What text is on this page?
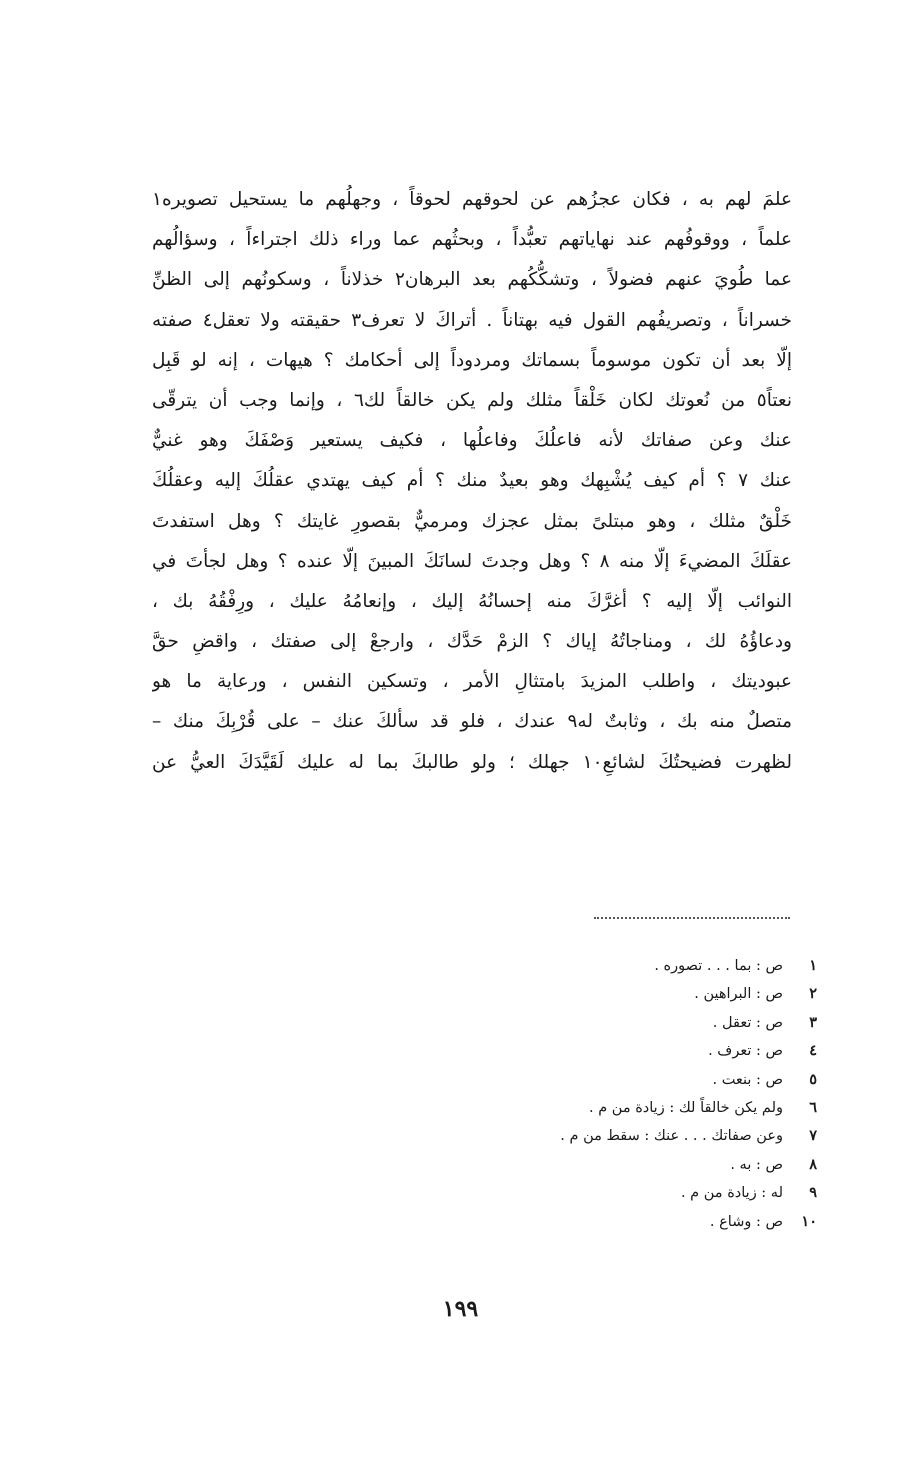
علمَ لهم به ، فكان عجزُهم عن لحوقهم لحوقاً ، وجهلُهم ما يستحيل تصويره١
علماً ، ووقوفُهم عند نهاياتهم تعبُّداً ، وبحثُهم عما وراء ذلك اجتراءاً ، وسؤالُهم
عما طُويَ عنهم فضولاً ، وتشكُّكُهم بعد البرهان٢ خذلاناً ، وسكونُهم إلى الظنِّ
خسراناً ، وتصريفُهم القول فيه بهتاناً . أتراكَ لا تعرف٣ حقيقته ولا تعقل٤ صفته
إلّا بعد أن تكون موسوماً بسماتك ومردوداً إلى أحكامك ؟ هيهات ، إنه لو قَبِل
نعتاً٥ من نُعوتك لكان خَلْقاً مثلك ولم يكن خالقاً لك٦ ، وإنما وجب أن يترقّى
عنك وعن صفاتك لأنه فاعلُكَ وفاعلُها ، فكيف يستعير وَصْفَكَ وهو غنيٌّ
عنك ٧ ؟ أم كيف يُشْبِهك وهو بعيدٌ منك ؟ أم كيف يهتدي عقلُكَ إليه وعقلُكَ
خَلْقٌ مثلك ، وهو مبتلىً بمثل عجزك ومرميٌّ بقصورِ غايتك ؟ وهل استفدتَ
عقلَكَ المضيءَ إلّا منه ٨ ؟ وهل وجدتَ لسانَكَ المبينَ إلّا عنده ؟ وهل لجأتَ في
النوائب إلّا إليه ؟ أغرَّكَ منه إحسانُهُ إليك ، وإنعامُهُ عليك ، ورِفْقُهُ بك ،
ودعاؤُهُ لك ، ومناجاتُهُ إياك ؟ الزمْ حَدَّك ، وارجعْ إلى صفتك ، واقضِ حقَّ
عبوديتك ، واطلب المزيدَ بامتثالِ الأمر ، وتسكين النفس ، ورعاية ما هو
متصلٌ منه بك ، وثابتٌ له٩ عندك ، فلو قد سألكَ عنك – على قُرْبِكَ منك –
لظهرت فضيحتُكَ لشائعِ١٠ جهلك ؛ ولو طالبكَ بما له عليك لَقَيَّدَكَ العيُّ عن
١ص : بما . . . تصوره .
٢ص : البراهين .
٣ص : تعقل .
٤ص : تعرف .
٥ص : بنعت .
٦ولم يكن خالقاً لك : زيادة من م .
٧وعن صفاتك . . . عنك : سقط من م .
٨ص : به .
٩له : زيادة من م .
١٠ص : وشاع .
١٩٩
